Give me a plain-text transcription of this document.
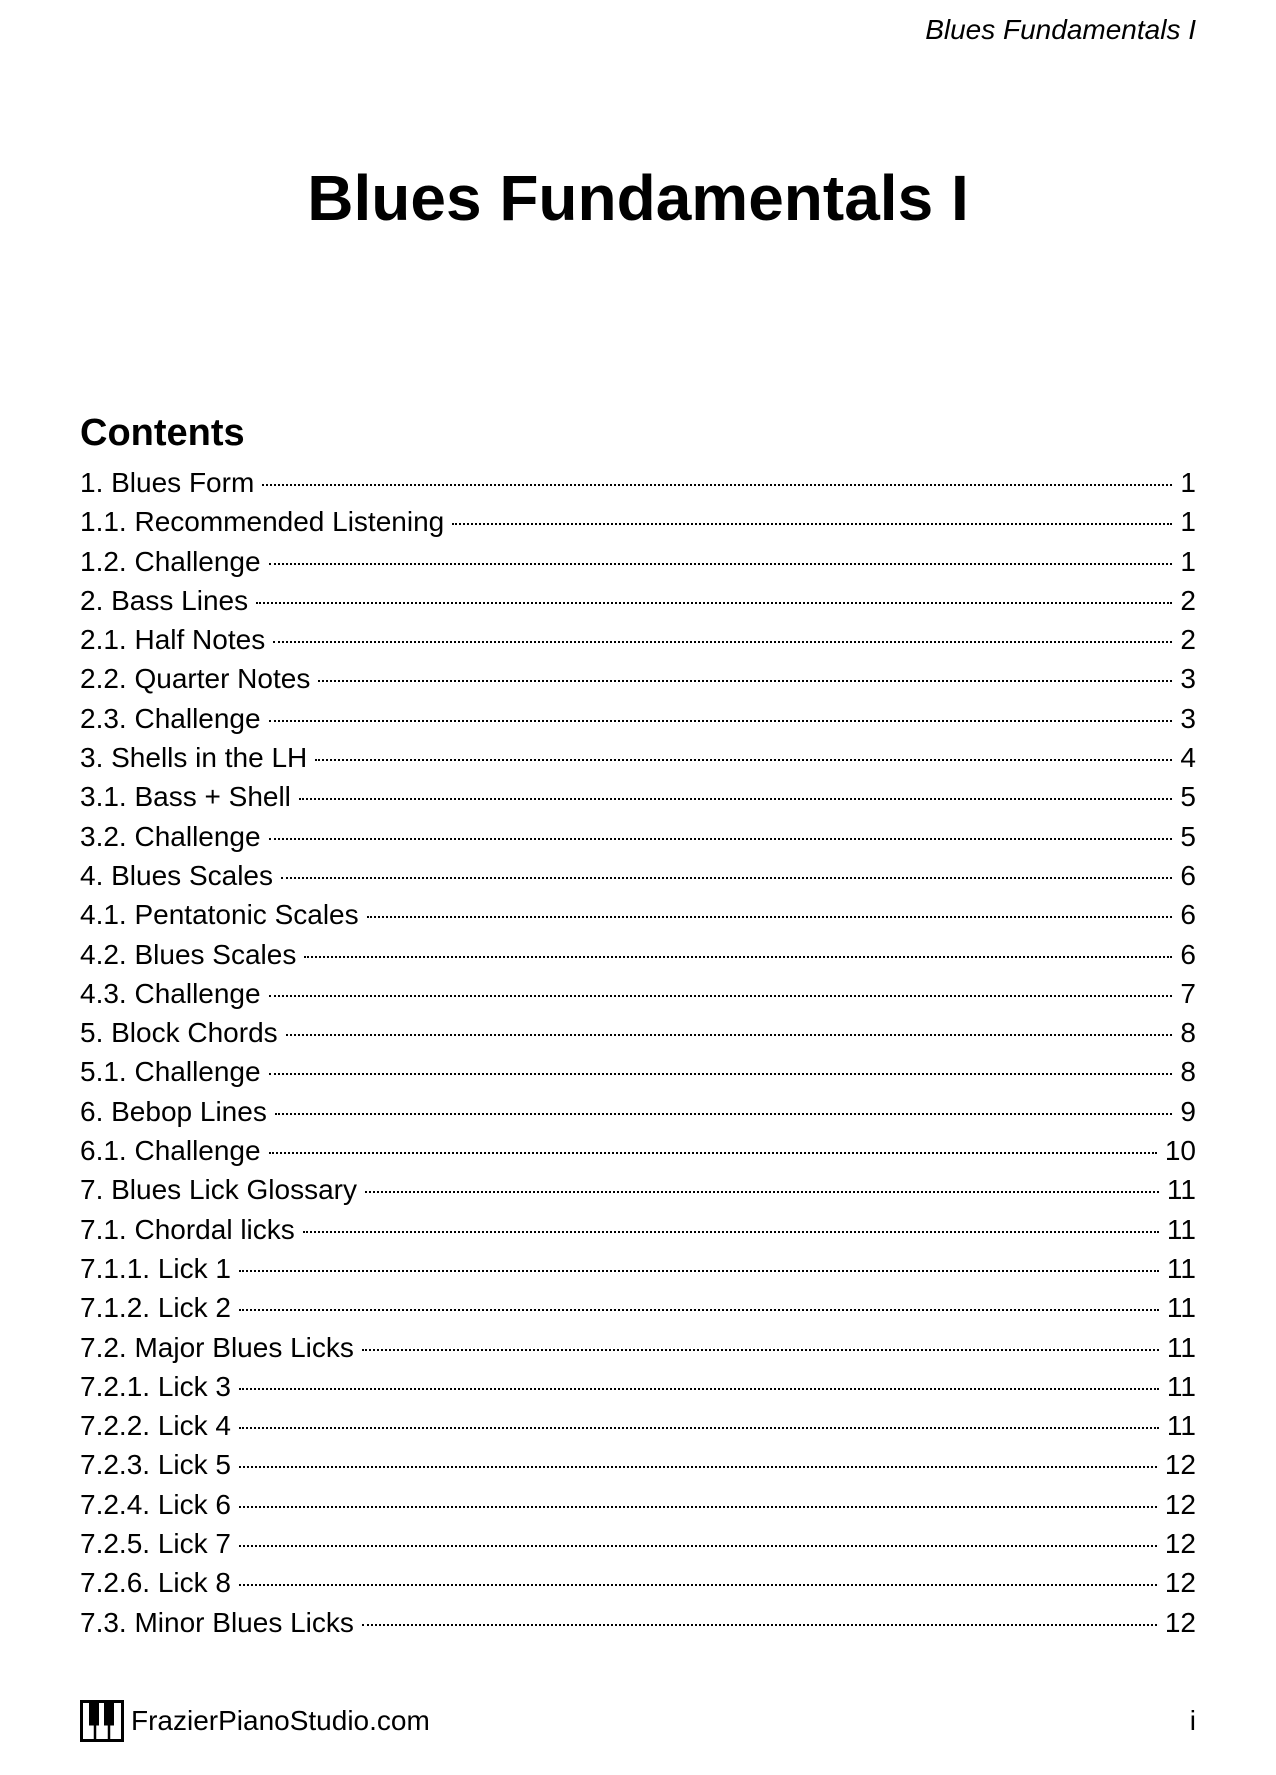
Blues Fundamentals I
Blues Fundamentals I
Contents
1. Blues Form	1
1.1. Recommended Listening	1
1.2. Challenge	1
2. Bass Lines	2
2.1. Half Notes	2
2.2. Quarter Notes	3
2.3. Challenge	3
3. Shells in the LH	4
3.1. Bass + Shell	5
3.2. Challenge	5
4. Blues Scales	6
4.1. Pentatonic Scales	6
4.2. Blues Scales	6
4.3. Challenge	7
5. Block Chords	8
5.1. Challenge	8
6. Bebop Lines	9
6.1. Challenge	10
7. Blues Lick Glossary	11
7.1. Chordal licks	11
7.1.1. Lick 1	11
7.1.2. Lick 2	11
7.2. Major Blues Licks	11
7.2.1. Lick 3	11
7.2.2. Lick 4	11
7.2.3. Lick 5	12
7.2.4. Lick 6	12
7.2.5. Lick 7	12
7.2.6. Lick 8	12
7.3. Minor Blues Licks	12
FrazierPianoStudio.com	i
